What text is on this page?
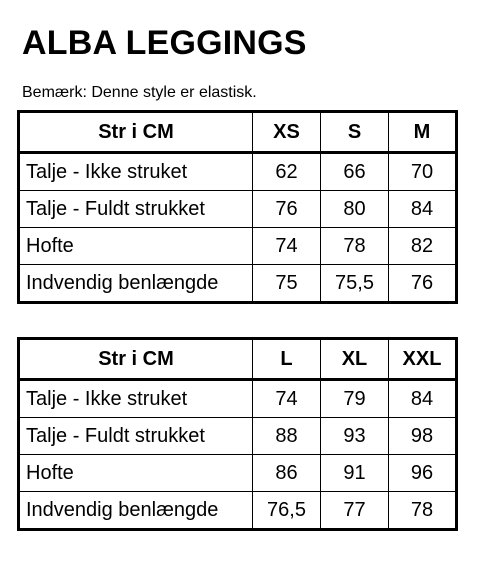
ALBA LEGGINGS
Bemærk: Denne style er elastisk.
Str i CM	XS	S	M
Talje - Ikke struket	62	66	70
Talje - Fuldt strukket	76	80	84
Hofte	74	78	82
Indvendig benlængde	75	75,5	76
Str i CM	L	XL	XXL
Talje - Ikke struket	74	79	84
Talje - Fuldt strukket	88	93	98
Hofte	86	91	96
Indvendig benlængde	76,5	77	78
